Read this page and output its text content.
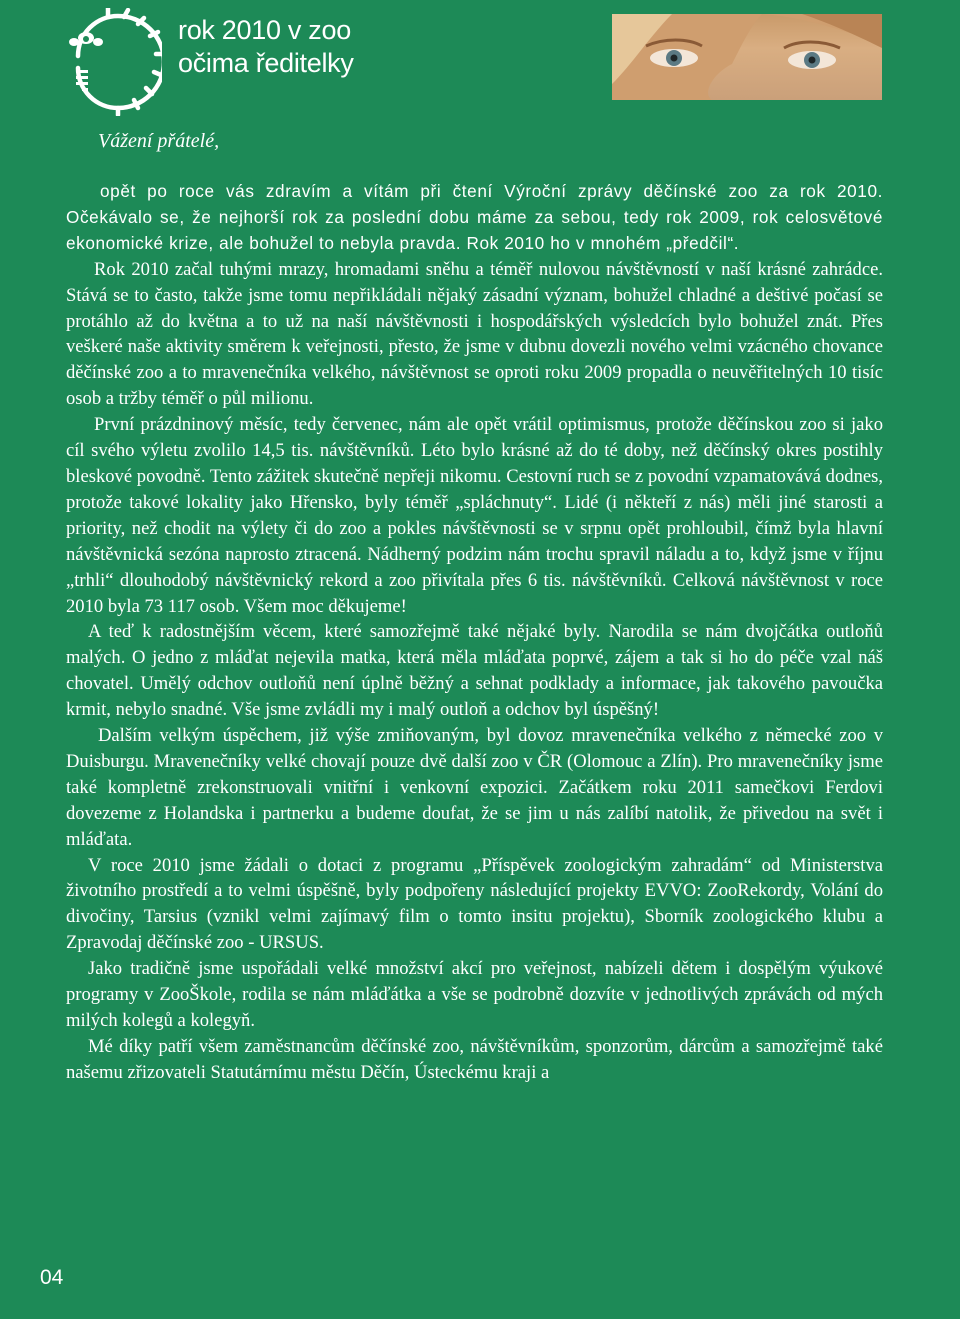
rok 2010 v zoo
očima ředitelky
Vážení přátelé,

opět po roce vás zdravím a vítám při čtení Výroční zprávy děčínské zoo za rok 2010. Očekávalo se, že nejhorší rok za poslední dobu máme za sebou, tedy rok 2009, rok celosvětové ekonomické krize, ale bohužel to nebyla pravda. Rok 2010 ho v mnohém „předčil“.

Rok 2010 začal tuhými mrazy, hromadami sněhu a téměř nulovou návštěvností v naší krásné zahrádce. Stává se to často, takže jsme tomu nepřikládali nějaký zásadní význam, bohužel chladné a deštivé počasí se protáhlo až do května a to už na naší návštěvnosti i hospodářských výsledcích bylo bohužel znát. Přes veškeré naše aktivity směrem k veřejnosti, přesto, že jsme v dubnu dovezli nového velmi vzácného chovance děčínské zoo a to mravenečníka velkého, návštěvnost se oproti roku 2009 propadla o neuvěřitelných 10 tisíc osob a tržby téměř o půl milionu.

První prázdninový měsíc, tedy červenec, nám ale opět vrátil optimismus, protože děčínskou zoo si jako cíl svého výletu zvolilo 14,5 tis. návštěvníků. Léto bylo krásné až do té doby, než děčínský okres postihly bleskové povodně. Tento zážitek skutečně nepřeji nikomu. Cestovní ruch se z povodní vzpamatovává dodnes, protože takové lokality jako Hřensko, byly téměř „spláchnuty“. Lidé (i někteří z nás) měli jiné starosti a priority, než chodit na výlety či do zoo a pokles návštěvnosti se v srpnu opět prohloubil, čímž byla hlavní návštěvnická sezóna naprosto ztracená. Nádherný podzim nám trochu spravil náladu a to, když jsme v říjnu „trhli“ dlouhodobý návštěvnický rekord a zoo přivítala přes 6 tis. návštěvníků. Celková návštěvnost v roce 2010 byla 73 117 osob. Všem moc děkujeme!

A teď k radostnějším věcem, které samozřejmě také nějaké byly. Narodila se nám dvojčátka outloňů malých. O jedno z mláďat nejevila matka, která měla mláďata poprvé, zájem a tak si ho do péče vzal náš chovatel. Umělý odchov outloňů není úplně běžný a sehnat podklady a informace, jak takového pavoučka krmit, nebylo snadné. Vše jsme zvládli my i malý outloň a odchov byl úspěšný!

Dalším velkým úspěchem, již výše zmiňovaným, byl dovoz mravenečníka velkého z německé zoo v Duisburgu. Mravenečníky velké chovají pouze dvě další zoo v ČR (Olomouc a Zlín). Pro mravenečníky jsme také kompletně zrekonstruovali vnitřní i venkovní expozici. Začátkem roku 2011 samečkovi Ferdovi dovezeme z Holandska i partnerku a budeme doufat, že se jim u nás zalíbí natolik, že přivedou na svět i mláďata.

V roce 2010 jsme žádali o dotaci z programu „Příspěvek zoologickým zahradám“ od Ministerstva životního prostředí a to velmi úspěšně, byly podpořeny následující projekty EVVO: ZooRekordy, Volání do divočiny, Tarsius (vznikl velmi zajímavý film o tomto insitu projektu), Sborník zoologického klubu a Zpravodaj děčínské zoo - URSUS.

Jako tradičně jsme uspořádali velké množství akcí pro veřejnost, nabízeli dětem i dospělým výukové programy v ZooŠkole, rodila se nám mláďátka a vše se podrobně dozvíte v jednotlivých zprávách od mých milých kolegů a kolegyň.

Mé díky patří všem zaměstnancům děčínské zoo, návštěvníkům, sponzorům, dárcům a samozřejmě také našemu zřizovateli Statutárnímu městu Děčín, Ústeckému kraji a

04
